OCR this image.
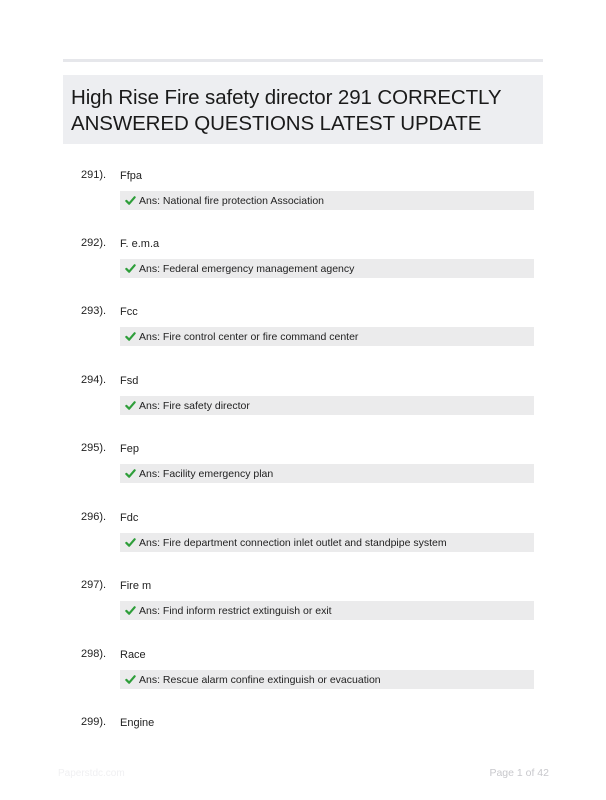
High Rise Fire safety director 291 CORRECTLY ANSWERED QUESTIONS LATEST UPDATE
291). Ffpa
Ans: National fire protection Association
292). F. e.m.a
Ans: Federal emergency management agency
293). Fcc
Ans: Fire control center or fire command center
294). Fsd
Ans: Fire safety director
295). Fep
Ans: Facility emergency plan
296). Fdc
Ans: Fire department connection inlet outlet and standpipe system
297). Fire m
Ans: Find inform restrict extinguish or exit
298). Race
Ans: Rescue alarm confine extinguish or evacuation
299). Engine
Paperstdc.com	Page 1 of 42
